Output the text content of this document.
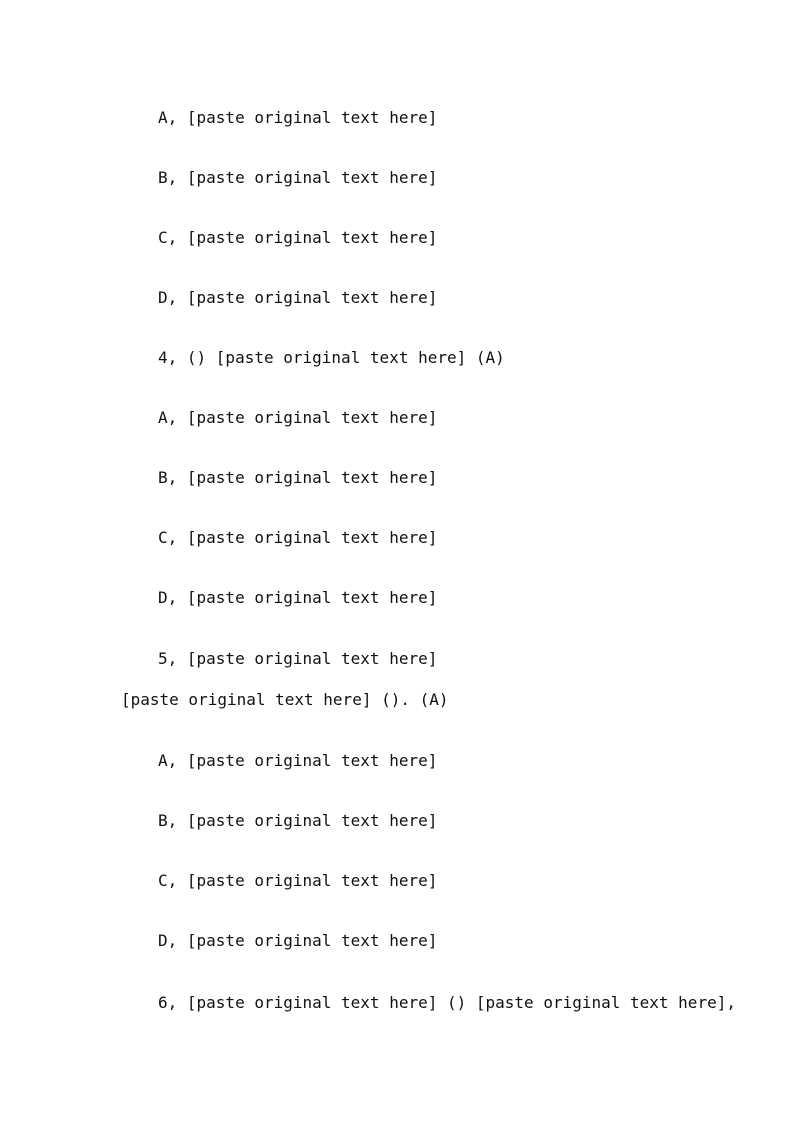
A, [paste original text here]
B, [paste original text here]
C, [paste original text here]
D, [paste original text here]
4, () [paste original text here] (A)
A, [paste original text here]
B, [paste original text here]
C, [paste original text here]
D, [paste original text here]
5, [paste original text here]
[paste original text here] (). (A)
A, [paste original text here]
B, [paste original text here]
C, [paste original text here]
D, [paste original text here]
6, [paste original text here] () [paste original text here],
